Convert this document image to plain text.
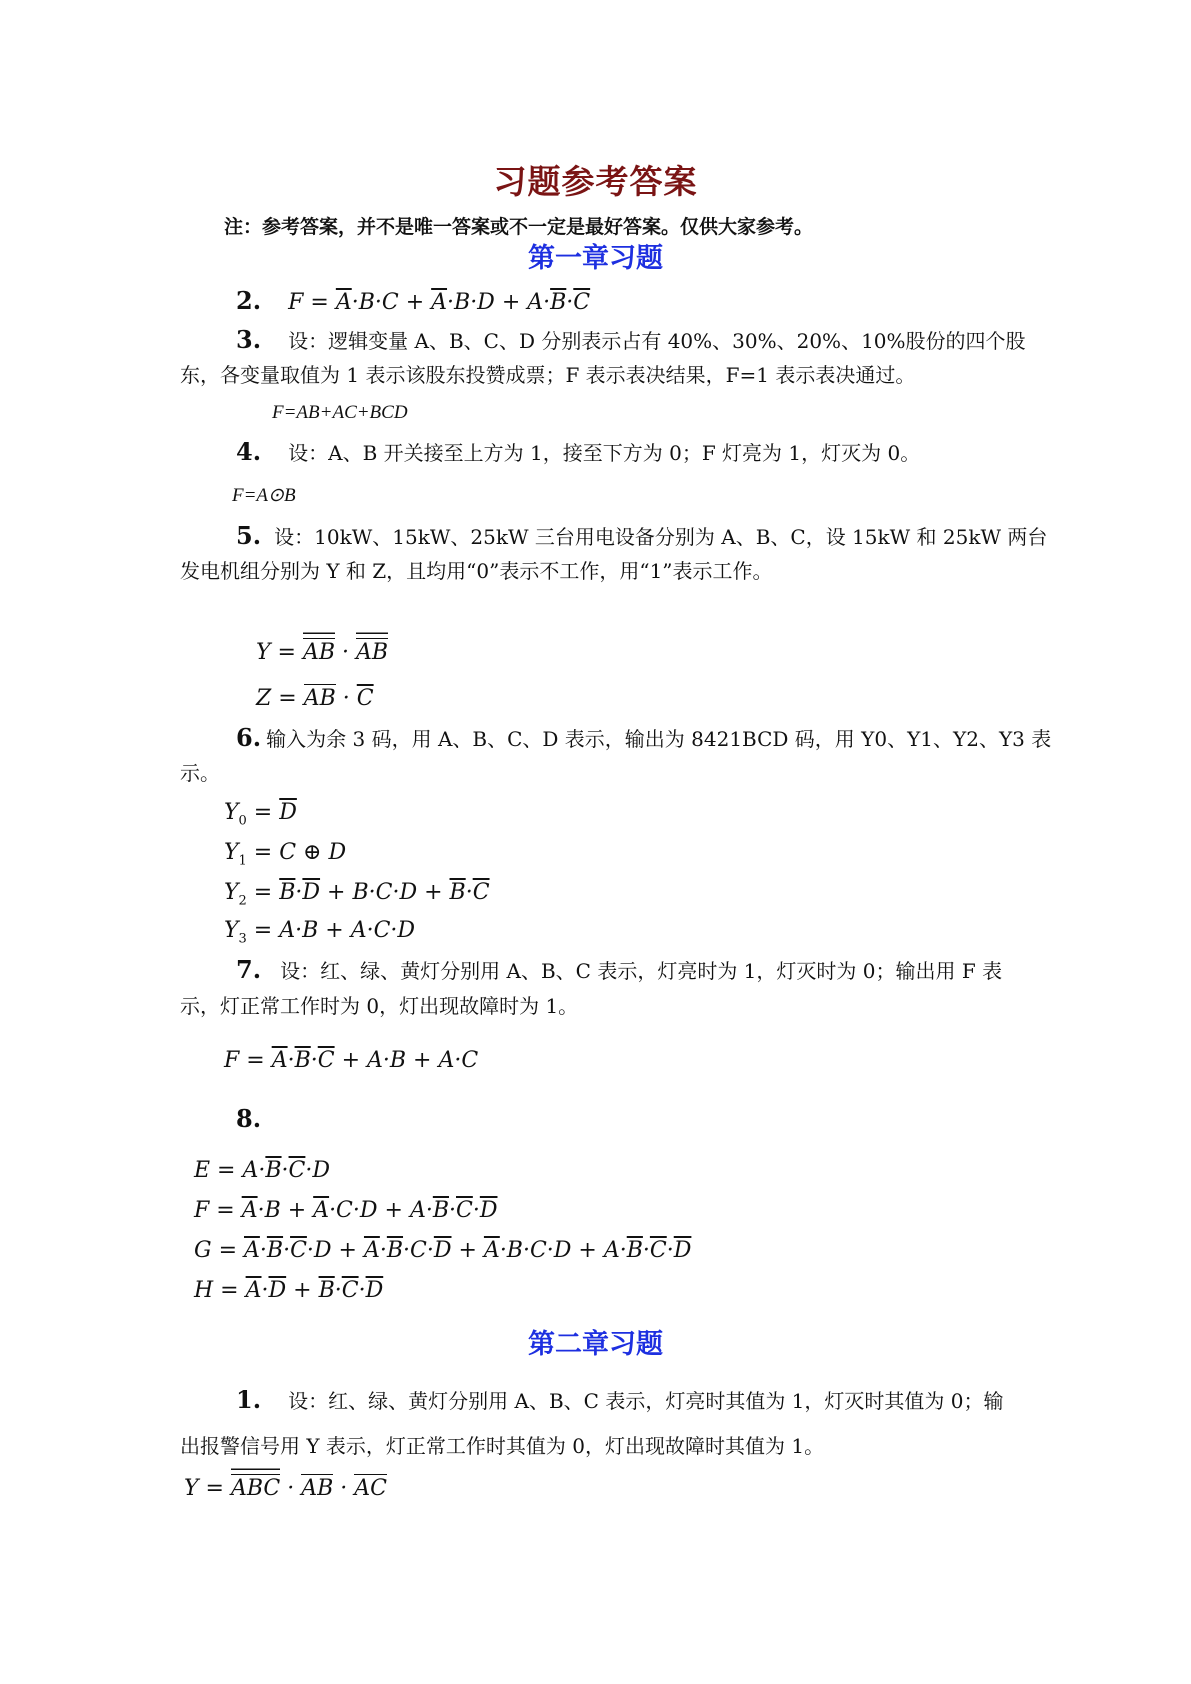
习题参考答案
注：参考答案，并不是唯一答案或不一定是最好答案。仅供大家参考。
第一章习题
2. $F = \overline{A}\cdot B\cdot C + \overline{A}\cdot B\cdot D + A\cdot\overline{B}\cdot\overline{C}$
3. 设：逻辑变量 A、B、C、D 分别表示占有 40%、30%、20%、10%股份的四个股
东，各变量取值为 1 表示该股东投赞成票；F 表示表决结果，F=1 表示表决通过。
F=AB+AC+BCD
4. 设：A、B 开关接至上方为 1，接至下方为 0；F 灯亮为 1，灯灭为 0。
F=A⊙B
5. 设：10kW、15kW、25kW 三台用电设备分别为 A、B、C，设 15kW 和 25kW 两台
发电机组分别为 Y 和 Z，且均用“0”表示不工作，用“1”表示工作。
Y = AB · AB
Z = AB · $\overline{C}$
6. 输入为余 3 码，用 A、B、C、D 表示，输出为 8421BCD 码，用 Y0、Y1、Y2、Y3 表
示。
$Y_0 = \overline{D}$
$Y_1 = C$ ⊕ D
$Y_2 = \overline{B}\cdot\overline{D} + B\cdot C\cdot D + \overline{B}\cdot\overline{C}$
$Y_3 = A\cdot B + A\cdot C\cdot D$
7. 设：红、绿、黄灯分别用 A、B、C 表示，灯亮时为 1，灯灭时为 0；输出用 F 表
示，灯正常工作时为 0，灯出现故障时为 1。
$F = \overline{A}\cdot\overline{B}\cdot\overline{C} + A\cdot B + A\cdot C$
8.
$E = A\cdot\overline{B}\cdot\overline{C}\cdot D$
$F = \overline{A}\cdot B + \overline{A}\cdot C\cdot D + A\cdot\overline{B}\cdot\overline{C}\cdot\overline{D}$
$G = \overline{A}\cdot\overline{B}\cdot\overline{C}\cdot D + \overline{A}\cdot\overline{B}\cdot C\cdot\overline{D} + \overline{A}\cdot B\cdot C\cdot D + A\cdot\overline{B}\cdot\overline{C}\cdot\overline{D}$
$H = \overline{A}\cdot\overline{D} + \overline{B}\cdot\overline{C}\cdot\overline{D}$
第二章习题
1. 设：红、绿、黄灯分别用 A、B、C 表示，灯亮时其值为 1，灯灭时其值为 0；输
出报警信号用 Y 表示，灯正常工作时其值为 0，灯出现故障时其值为 1。
Y = ABC · AB · AC
